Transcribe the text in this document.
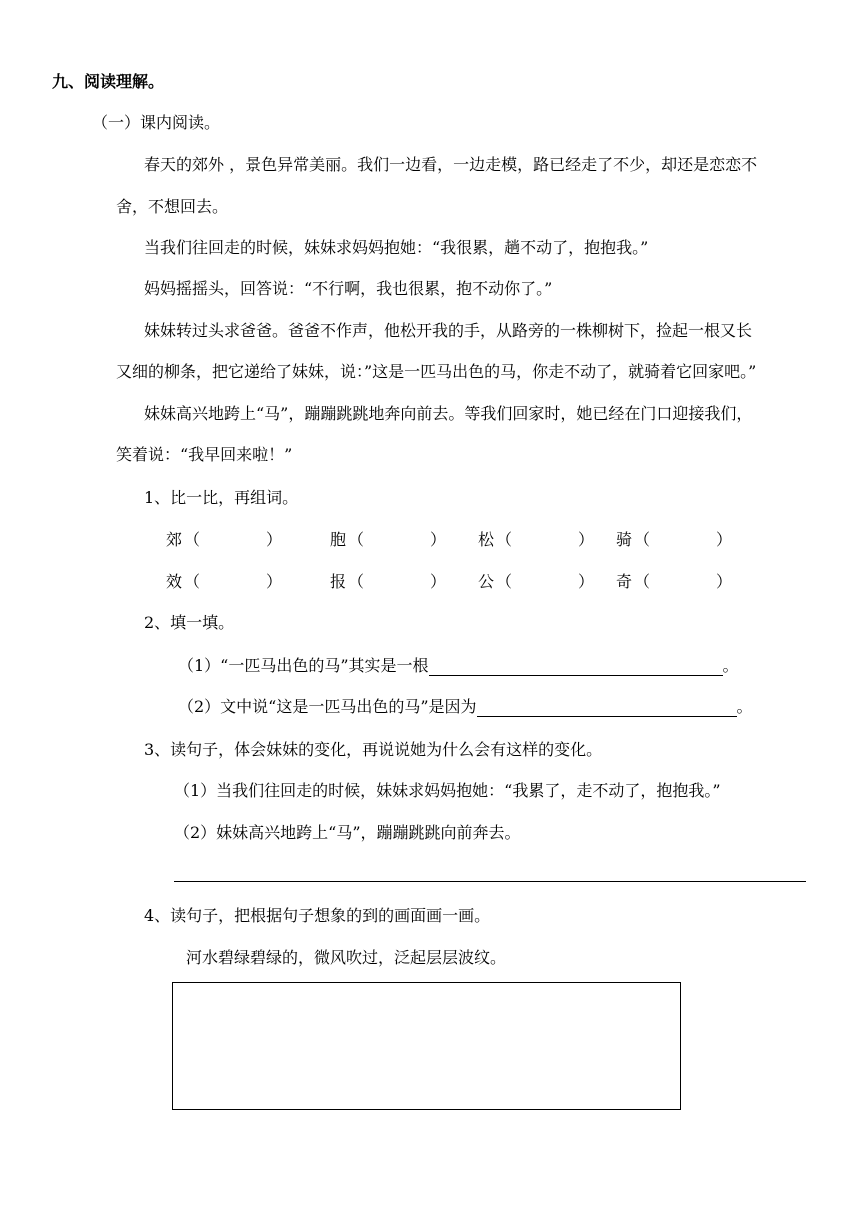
九、阅读理解。
（一）课内阅读。
春天的郊外 ，景色异常美丽。我们一边看，一边走模，路已经走了不少，却还是恋恋不
舍，不想回去。
当我们往回走的时候，妹妹求妈妈抱她：“我很累，趟不动了，抱抱我。”
妈妈摇摇头，回答说：“不行啊，我也很累，抱不动你了。”
妹妹转过头求爸爸。爸爸不作声，他松开我的手，从路旁的一株柳树下，捡起一根又长
又细的柳条，把它递给了妹妹，说：”这是一匹马出色的马，你走不动了，就骑着它回家吧。”
妹妹高兴地跨上“马”，蹦蹦跳跳地奔向前去。等我们回家时，她已经在门口迎接我们，
笑着说：“我早回来啦！”
1、比一比，再组词。
郊 （	）	胞 （	） 松 （	） 骑 （	）
效 （	）	报 （	） 公 （	） 奇 （	）
2、填一填。
（1）“一匹马出色的马”其实是一根	。
（2）文中说“这是一匹马出色的马”是因为	。
3、读句子，体会妹妹的变化，再说说她为什么会有这样的变化。
（1）当我们往回走的时候，妹妹求妈妈抱她：“我累了，走不动了，抱抱我。”
（2）妹妹高兴地跨上“马”，蹦蹦跳跳向前奔去。
4、读句子，把根据句子想象的到的画面画一画。
河水碧绿碧绿的，微风吹过，泛起层层波纹。
